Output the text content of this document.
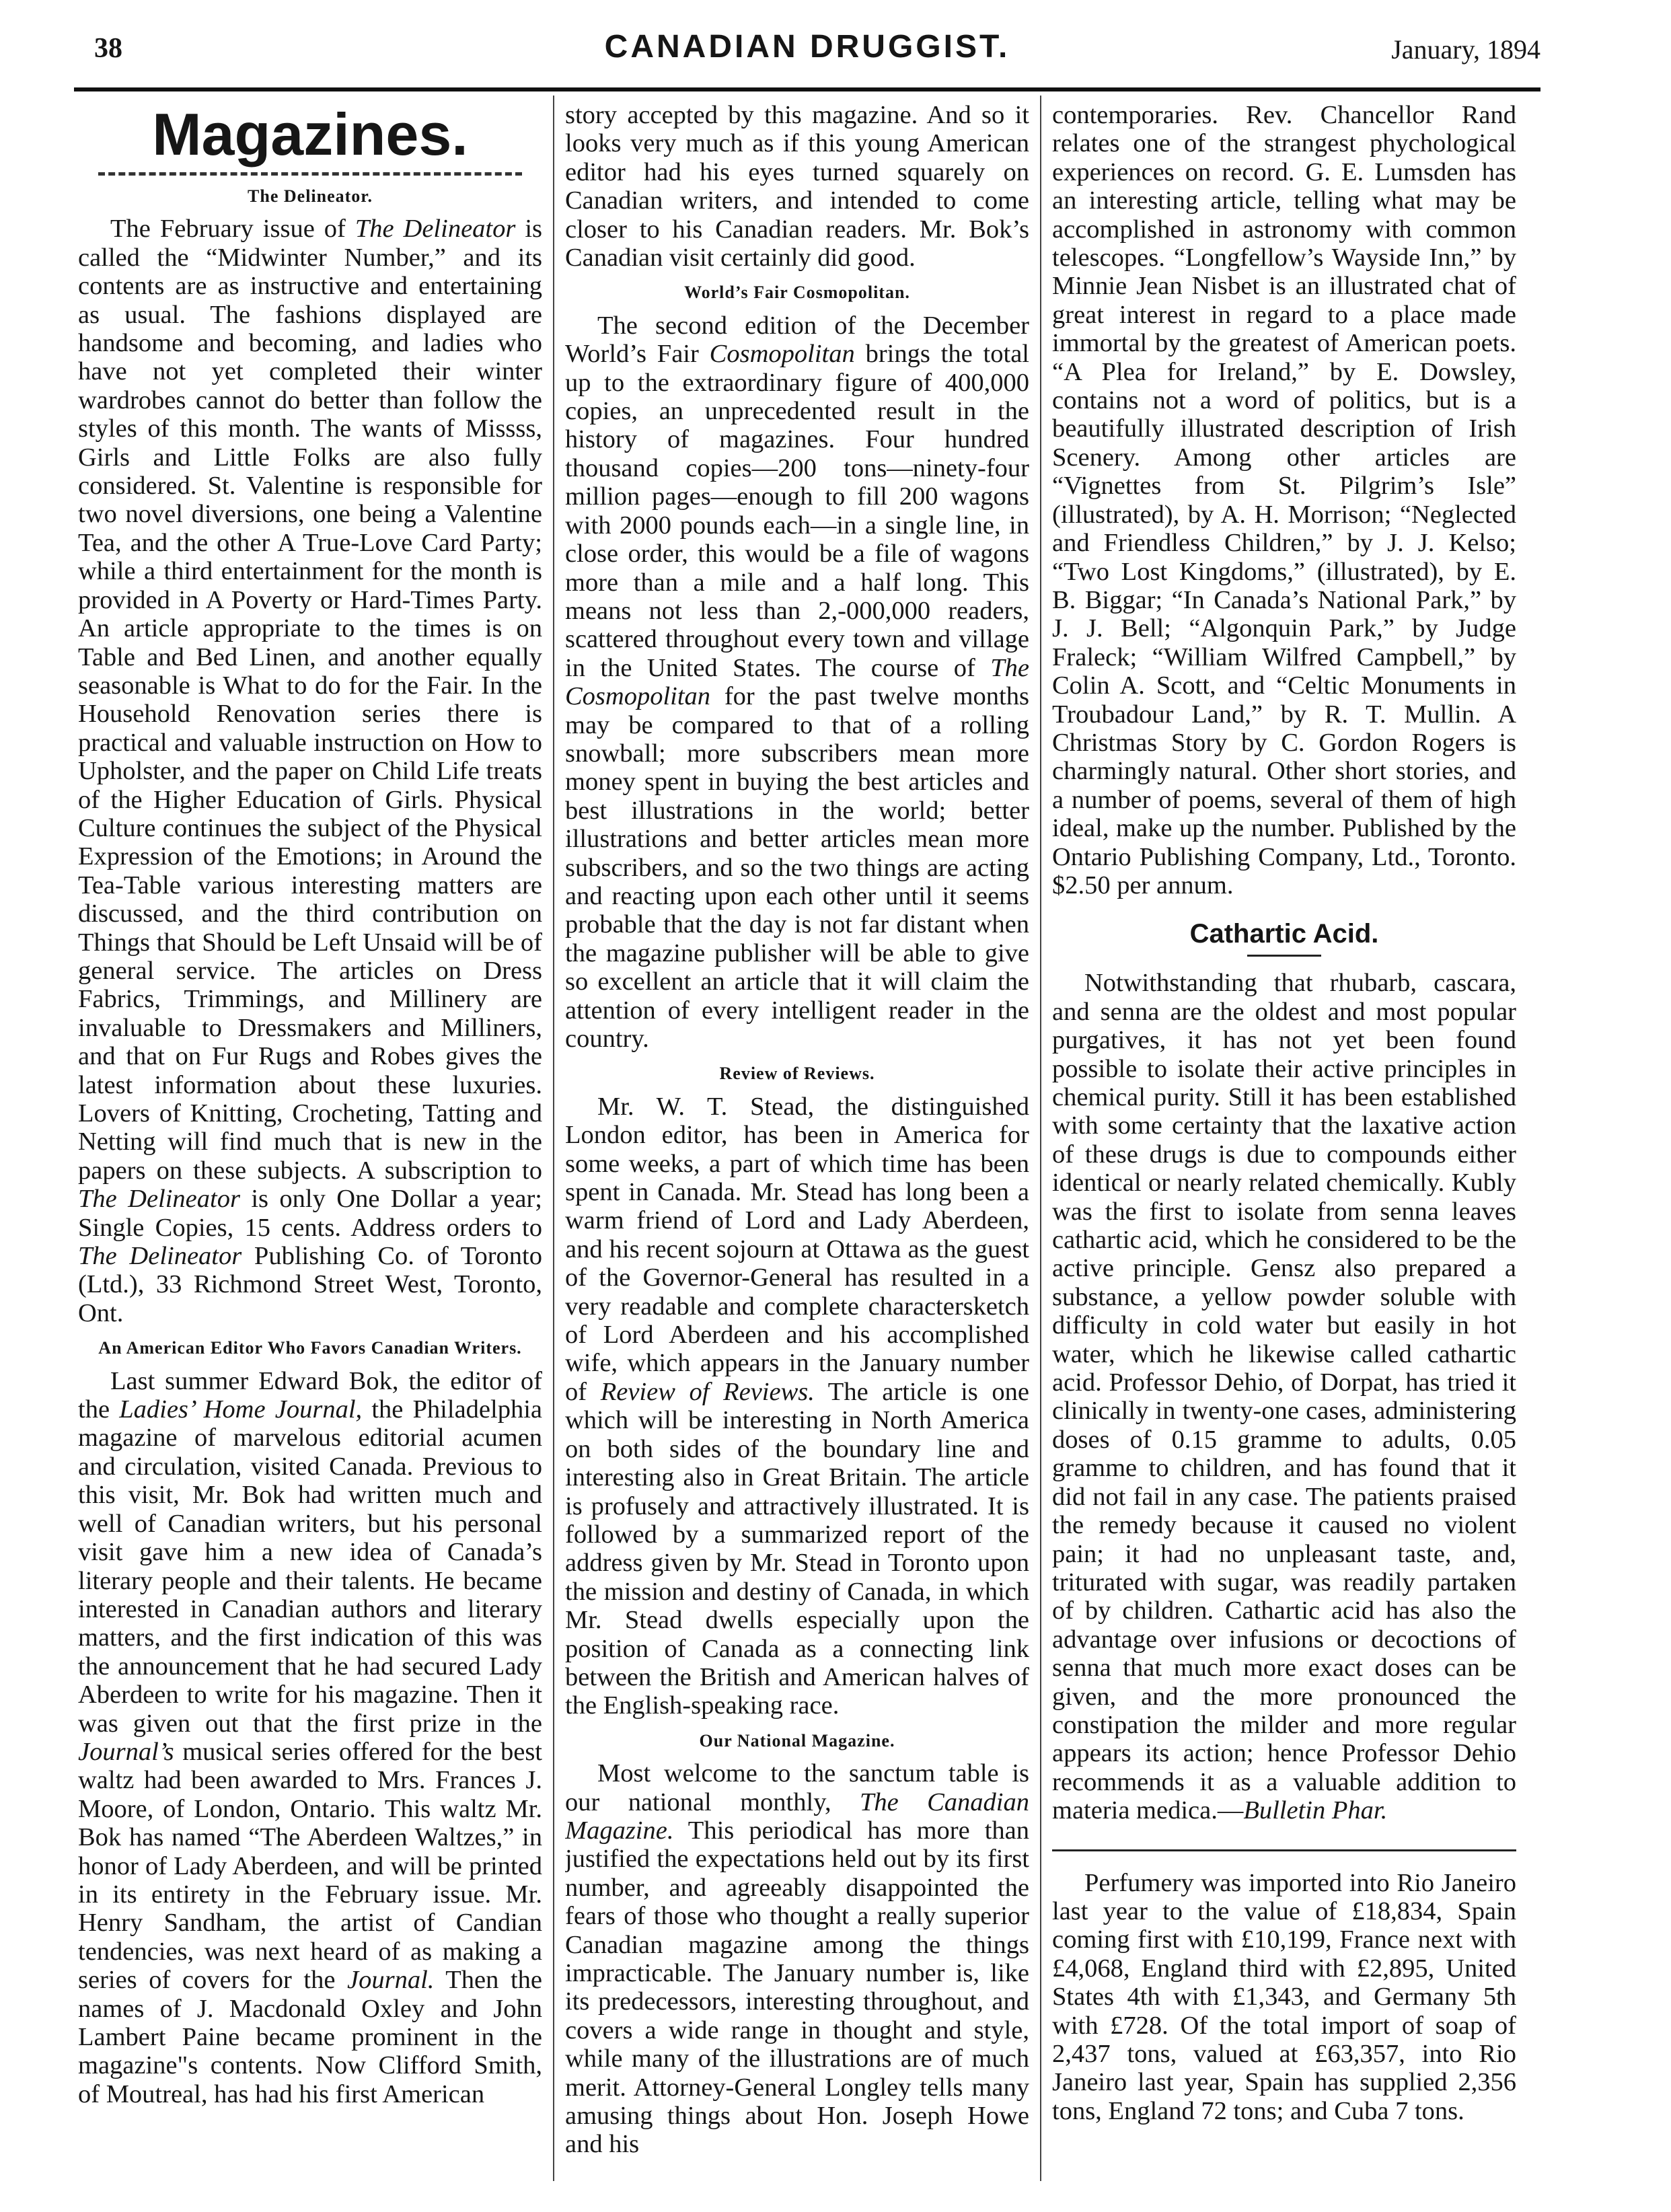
38	CANADIAN DRUGGIST.	January, 1894
Magazines.
The Delineator.

The February issue of The Delineator is called the “Midwinter Number,” and its contents are as instructive and entertaining as usual. The fashions displayed are handsome and becoming, and ladies who have not yet completed their winter wardrobes cannot do better than follow the styles of this month. The wants of Missss, Girls and Little Folks are also fully considered. St. Valentine is responsible for two novel diversions, one being a Valentine Tea, and the other A True-Love Card Party; while a third entertainment for the month is provided in A Poverty or Hard-Times Party. An article appropriate to the times is on Table and Bed Linen, and another equally seasonable is What to do for the Fair. In the Household Renovation series there is practical and valuable instruction on How to Upholster, and the paper on Child Life treats of the Higher Education of Girls. Physical Culture continues the subject of the Physical Expression of the Emotions; in Around the Tea-Table various interesting matters are discussed, and the third contribution on Things that Should be Left Unsaid will be of general service. The articles on Dress Fabrics, Trimmings, and Millinery are invaluable to Dressmakers and Milliners, and that on Fur Rugs and Robes gives the latest information about these luxuries. Lovers of Knitting, Crocheting, Tatting and Netting will find much that is new in the papers on these subjects. A subscription to The Delineator is only One Dollar a year; Single Copies, 15 cents. Address orders to The Delineator Publishing Co. of Toronto (Ltd.), 33 Richmond Street West, Toronto, Ont.

An American Editor Who Favors Canadian Writers.

Last summer Edward Bok, the editor of the Ladies’ Home Journal, the Philadelphia magazine of marvelous editorial acumen and circulation, visited Canada. Previous to this visit, Mr. Bok had written much and well of Canadian writers, but his personal visit gave him a new idea of Canada’s literary people and their talents. He became interested in Canadian authors and literary matters, and the first indication of this was the announcement that he had secured Lady Aberdeen to write for his magazine. Then it was given out that the first prize in the Journal’s musical series offered for the best waltz had been awarded to Mrs. Frances J. Moore, of London, Ontario. This waltz Mr. Bok has named “The Aberdeen Waltzes,” in honor of Lady Aberdeen, and will be printed in its entirety in the February issue. Mr. Henry Sandham, the artist of Candian tendencies, was next heard of as making a series of covers for the Journal. Then the names of J. Macdonald Oxley and John Lambert Paine became prominent in the magazine"s contents. Now Clifford Smith, of Moutreal, has had his first American

story accepted by this magazine. And so it looks very much as if this young American editor had his eyes turned squarely on Canadian writers, and intended to come closer to his Canadian readers. Mr. Bok’s Canadian visit certainly did good.

World’s Fair Cosmopolitan.

The second edition of the December World’s Fair Cosmopolitan brings the total up to the extraordinary figure of 400,000 copies, an unprecedented result in the history of magazines. Four hundred thousand copies—200 tons—ninety-four million pages—enough to fill 200 wagons with 2000 pounds each—in a single line, in close order, this would be a file of wagons more than a mile and a half long. This means not less than 2,-000,000 readers, scattered throughout every town and village in the United States. The course of The Cosmopolitan for the past twelve months may be compared to that of a rolling snowball; more subscribers mean more money spent in buying the best articles and best illustrations in the world; better illustrations and better articles mean more subscribers, and so the two things are acting and reacting upon each other until it seems probable that the day is not far distant when the magazine publisher will be able to give so excellent an article that it will claim the attention of every intelligent reader in the country.

Review of Reviews.

Mr. W. T. Stead, the distinguished London editor, has been in America for some weeks, a part of which time has been spent in Canada. Mr. Stead has long been a warm friend of Lord and Lady Aberdeen, and his recent sojourn at Ottawa as the guest of the Governor-General has resulted in a very readable and complete charactersketch of Lord Aberdeen and his accomplished wife, which appears in the January number of Review of Reviews. The article is one which will be interesting in North America on both sides of the boundary line and interesting also in Great Britain. The article is profusely and attractively illustrated. It is followed by a summarized report of the address given by Mr. Stead in Toronto upon the mission and destiny of Canada, in which Mr. Stead dwells especially upon the position of Canada as a connecting link between the British and American halves of the English-speaking race.

Our National Magazine.

Most welcome to the sanctum table is our national monthly, The Canadian Magazine. This periodical has more than justified the expectations held out by its first number, and agreeably disappointed the fears of those who thought a really superior Canadian magazine among the things impracticable. The January number is, like its predecessors, interesting throughout, and covers a wide range in thought and style, while many of the illustrations are of much merit. Attorney-General Longley tells many amusing things about Hon. Joseph Howe and his

contemporaries. Rev. Chancellor Rand relates one of the strangest phychological experiences on record. G. E. Lumsden has an interesting article, telling what may be accomplished in astronomy with common telescopes. “Longfellow’s Wayside Inn,” by Minnie Jean Nisbet is an illustrated chat of great interest in regard to a place made immortal by the greatest of American poets. “A Plea for Ireland,” by E. Dowsley, contains not a word of politics, but is a beautifully illustrated description of Irish Scenery. Among other articles are “Vignettes from St. Pilgrim’s Isle” (illustrated), by A. H. Morrison; “Neglected and Friendless Children,” by J. J. Kelso; “Two Lost Kingdoms,” (illustrated), by E. B. Biggar; “In Canada’s National Park,” by J. J. Bell; “Algonquin Park,” by Judge Fraleck; “William Wilfred Campbell,” by Colin A. Scott, and “Celtic Monuments in Troubadour Land,” by R. T. Mullin. A Christmas Story by C. Gordon Rogers is charmingly natural. Other short stories, and a number of poems, several of them of high ideal, make up the number. Published by the Ontario Publishing Company, Ltd., Toronto. $2.50 per annum.

Cathartic Acid.

Notwithstanding that rhubarb, cascara, and senna are the oldest and most popular purgatives, it has not yet been found possible to isolate their active principles in chemical purity. Still it has been established with some certainty that the laxative action of these drugs is due to compounds either identical or nearly related chemically. Kubly was the first to isolate from senna leaves cathartic acid, which he considered to be the active principle. Gensz also prepared a substance, a yellow powder soluble with difficulty in cold water but easily in hot water, which he likewise called cathartic acid. Professor Dehio, of Dorpat, has tried it clinically in twenty-one cases, administering doses of 0.15 gramme to adults, 0.05 gramme to children, and has found that it did not fail in any case. The patients praised the remedy because it caused no violent pain; it had no unpleasant taste, and, triturated with sugar, was readily partaken of by children. Cathartic acid has also the advantage over infusions or decoctions of senna that much more exact doses can be given, and the more pronounced the constipation the milder and more regular appears its action; hence Professor Dehio recommends it as a valuable addition to materia medica.—Bulletin Phar.

Perfumery was imported into Rio Janeiro last year to the value of £18,834, Spain coming first with £10,199, France next with £4,068, England third with £2,895, United States 4th with £1,343, and Germany 5th with £728. Of the total import of soap of 2,437 tons, valued at £63,357, into Rio Janeiro last year, Spain has supplied 2,356 tons, England 72 tons; and Cuba 7 tons.
